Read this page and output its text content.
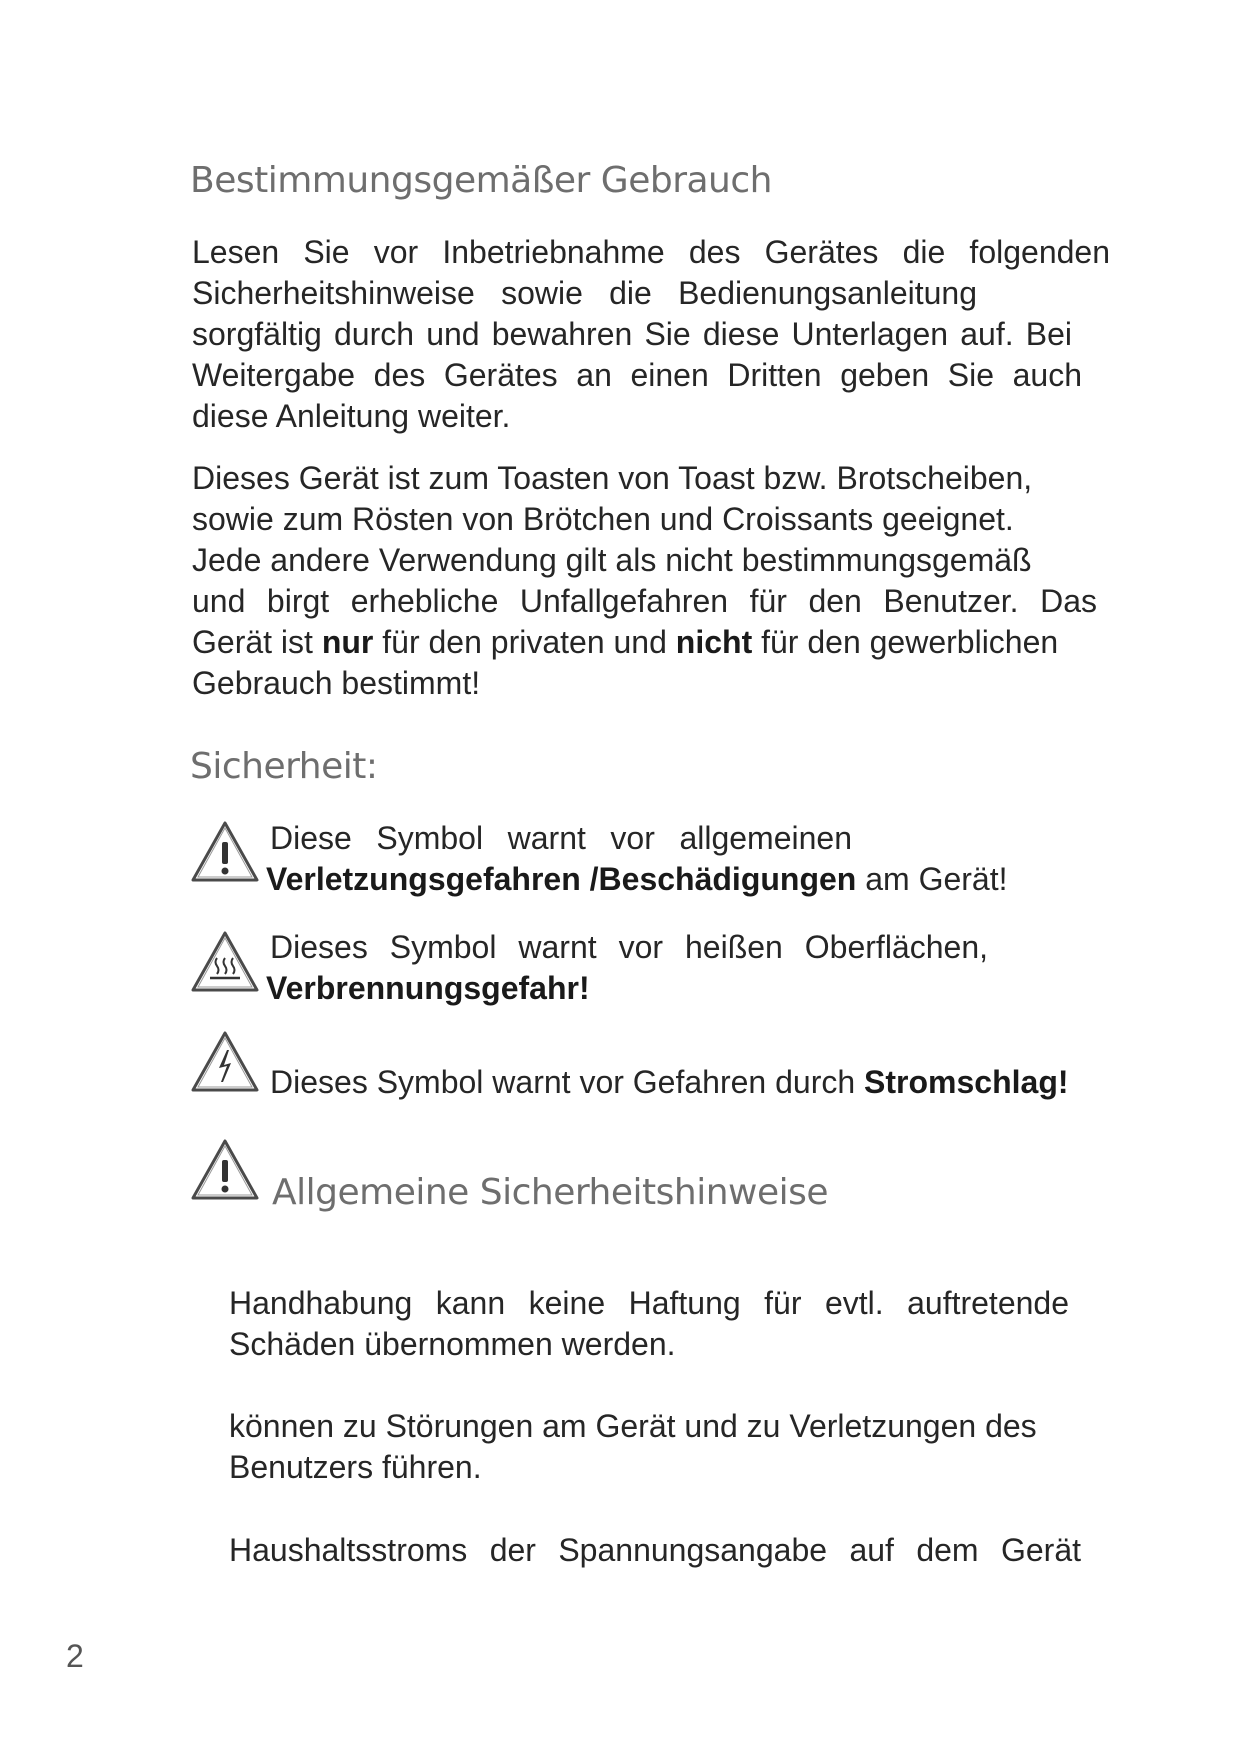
Bestimmungsgemäßer Gebrauch

Lesen Sie vor Inbetriebnahme des Gerätes die folgenden
Sicherheitshinweise sowie die Bedienungsanleitung
sorgfältig durch und bewahren Sie diese Unterlagen auf. Bei
Weitergabe des Gerätes an einen Dritten geben Sie auch
diese Anleitung weiter.

Dieses Gerät ist zum Toasten von Toast bzw. Brotscheiben,
sowie zum Rösten von Brötchen und Croissants geeignet.
Jede andere Verwendung gilt als nicht bestimmungsgemäß
und birgt erhebliche Unfallgefahren für den Benutzer. Das
Gerät ist nur für den privaten und nicht für den gewerblichen
Gebrauch bestimmt!

Sicherheit:

Diese  Symbol  warnt  vor  allgemeinen

Verletzungsgefahren /Beschädigungen am Gerät!

Dieses  Symbol  warnt  vor  heißen  Oberflächen,

Verbrennungsgefahr!

Dieses Symbol warnt vor Gefahren durch Stromschlag!

Allgemeine Sicherheitshinweise

Handhabung kann keine Haftung für evtl. auftretende
Schäden übernommen werden.

können zu Störungen am Gerät und zu Verletzungen des
Benutzers führen.

Haushaltsstroms der Spannungsangabe auf dem Gerät

2
